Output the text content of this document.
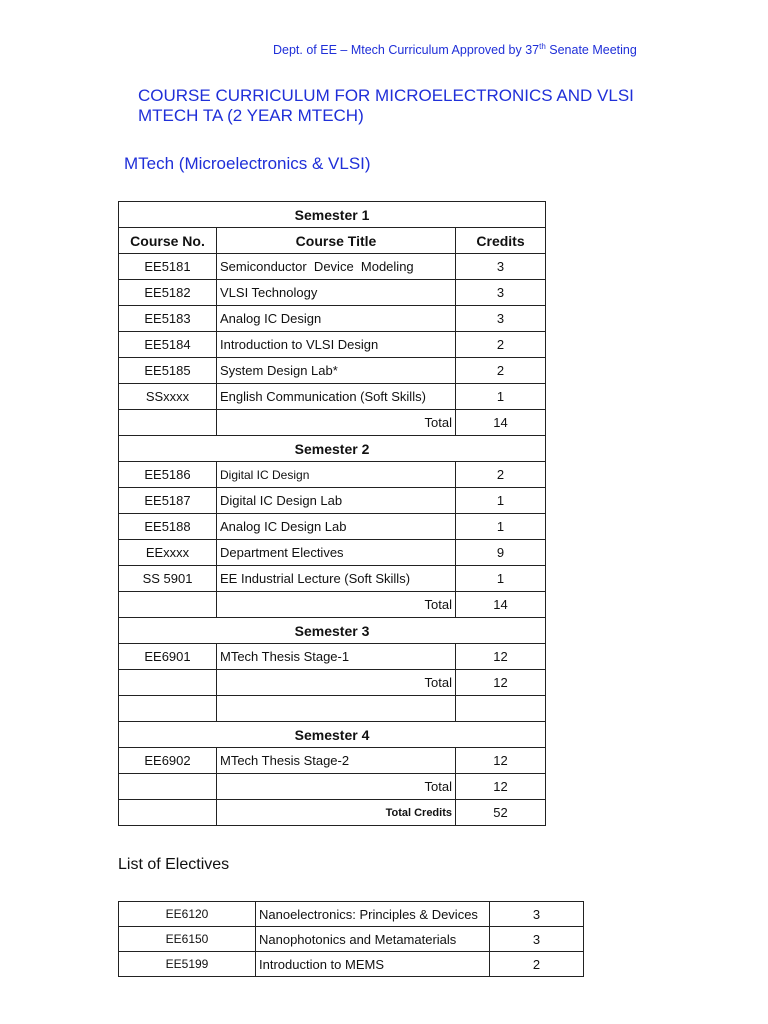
Dept. of EE – Mtech Curriculum Approved by 37th Senate Meeting
COURSE CURRICULUM FOR MICROELECTRONICS AND VLSI
MTECH TA (2 YEAR MTECH)
MTech (Microelectronics & VLSI)
Semester 1		
Course No.	Course Title	Credits
EE5181	Semiconductor  Device  Modeling	3
EE5182	VLSI Technology	3
EE5183	Analog IC Design	3
EE5184	Introduction to VLSI Design	2
EE5185	System Design Lab*	2
SSxxxx	English Communication (Soft Skills)	1
	Total	14
Semester 2		
EE5186	Digital IC Design	2
EE5187	Digital IC Design Lab	1
EE5188	Analog IC Design Lab	1
EExxxx	Department Electives	9
SS 5901	EE Industrial Lecture (Soft Skills)	1
	Total	14
Semester 3		
EE6901	MTech Thesis Stage-1	12
	Total	12

Semester 4		
EE6902	MTech Thesis Stage-2	12
	Total	12
	Total Credits	52
List of Electives
EE6120	Nanoelectronics: Principles & Devices	3
EE6150	Nanophotonics and Metamaterials	3
EE5199	Introduction to MEMS	2
